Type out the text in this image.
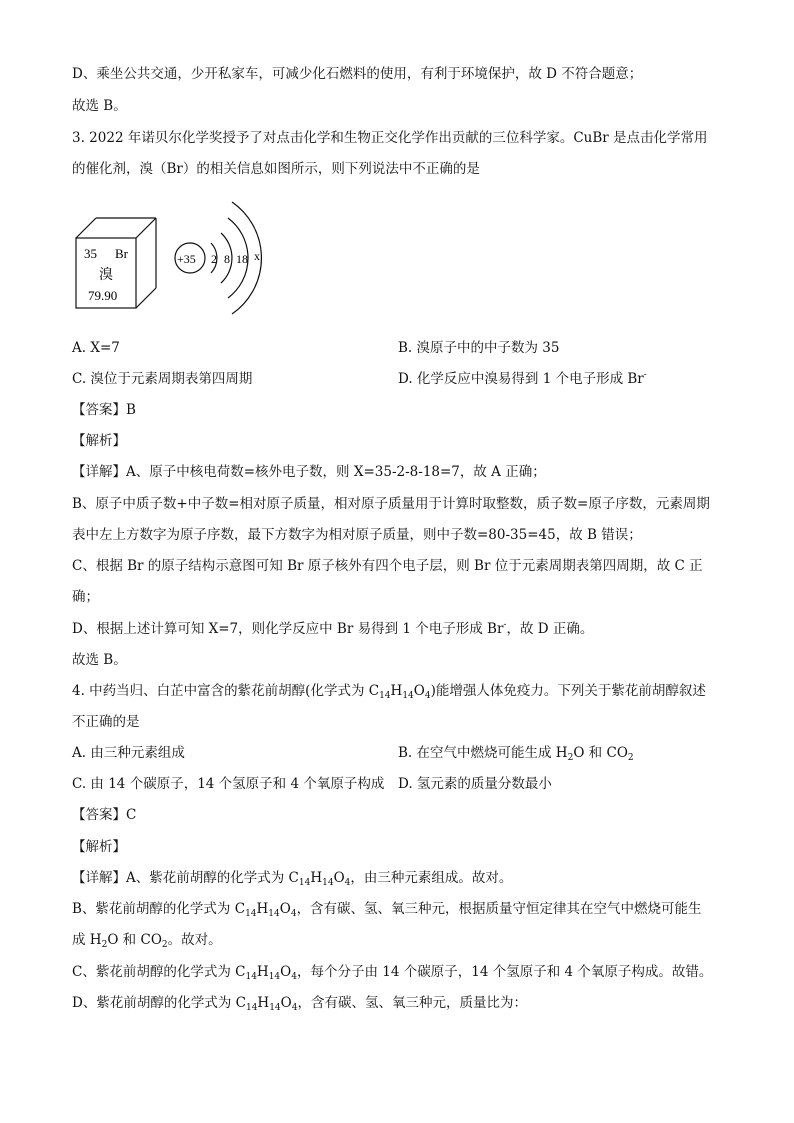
D、乘坐公共交通，少开私家车，可减少化石燃料的使用，有利于环境保护，故 D 不符合题意；
故选 B。
3. 2022 年诺贝尔化学奖授予了对点击化学和生物正交化学作出贡献的三位科学家。CuBr 是点击化学常用
的催化剂，溴（Br）的相关信息如图所示，则下列说法中不正确的是
35 Br
溴
79.90
+35 2 8 18 x
A. X=7	B. 溴原子中的中子数为 35
C. 溴位于元素周期表第四周期	D. 化学反应中溴易得到 1 个电子形成 Br-
【答案】B
【解析】
【详解】A、原子中核电荷数=核外电子数，则 X=35-2-8-18=7，故 A 正确；
B、原子中质子数+中子数=相对原子质量，相对原子质量用于计算时取整数，质子数=原子序数，元素周期
表中左上方数字为原子序数，最下方数字为相对原子质量，则中子数=80-35=45，故 B 错误；
C、根据 Br 的原子结构示意图可知 Br 原子核外有四个电子层，则 Br 位于元素周期表第四周期，故 C 正
确；
D、根据上述计算可知 X=7，则化学反应中 Br 易得到 1 个电子形成 Br-，故 D 正确。
故选 B。
4. 中药当归、白芷中富含的紫花前胡醇(化学式为 $C_{14}H_{14}O_4$)能增强人体免疫力。下列关于紫花前胡醇叙述
不正确的是
A. 由三种元素组成	B. 在空气中燃烧可能生成 $H_2O$ 和 $CO_2$
C. 由 14 个碳原子，14 个氢原子和 4 个氧原子构成 D. 氢元素的质量分数最小
【答案】C
【解析】
【详解】A、紫花前胡醇的化学式为 $C_{14}H_{14}O_4$，由三种元素组成。故对。
B、紫花前胡醇的化学式为 $C_{14}H_{14}O_4$，含有碳、氢、氧三种元，根据质量守恒定律其在空气中燃烧可能生
成 $H_2O$ 和 $CO_2$。故对。
C、紫花前胡醇的化学式为 $C_{14}H_{14}O_4$，每个分子由 14 个碳原子，14 个氢原子和 4 个氧原子构成。故错。
D、紫花前胡醇的化学式为 $C_{14}H_{14}O_4$，含有碳、氢、氧三种元，质量比为：
